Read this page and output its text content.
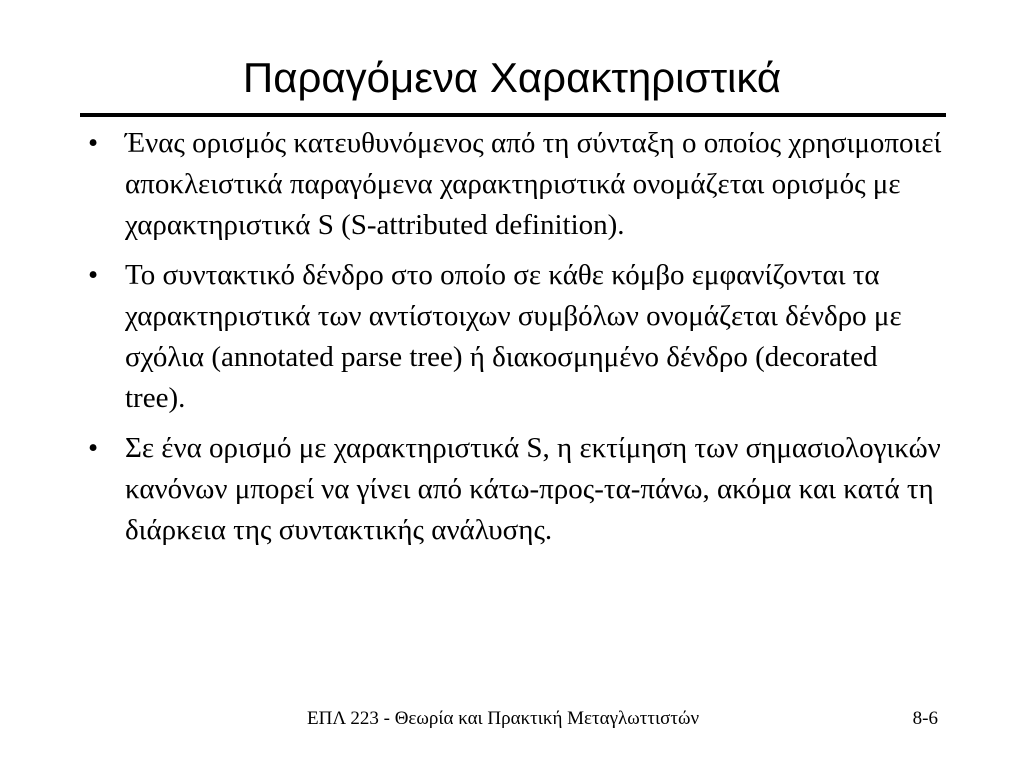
Παραγόμενα Χαρακτηριστικά
• Ένας ορισμός κατευθυνόμενος από τη σύνταξη ο οποίος χρησιμοποιεί αποκλειστικά παραγόμενα χαρακτηριστικά ονομάζεται ορισμός με χαρακτηριστικά S (S-attributed definition).
• Το συντακτικό δένδρο στο οποίο σε κάθε κόμβο εμφανίζονται τα χαρακτηριστικά των αντίστοιχων συμβόλων ονομάζεται δένδρο με σχόλια (annotated parse tree) ή διακοσμημένο δένδρο (decorated tree).
• Σε ένα ορισμό με χαρακτηριστικά S, η εκτίμηση των σημασιολογικών κανόνων μπορεί να γίνει από κάτω-προς-τα-πάνω, ακόμα και κατά τη διάρκεια της συντακτικής ανάλυσης.
ΕΠΛ 223 - Θεωρία και Πρακτική Μεταγλωττιστών	8-6
